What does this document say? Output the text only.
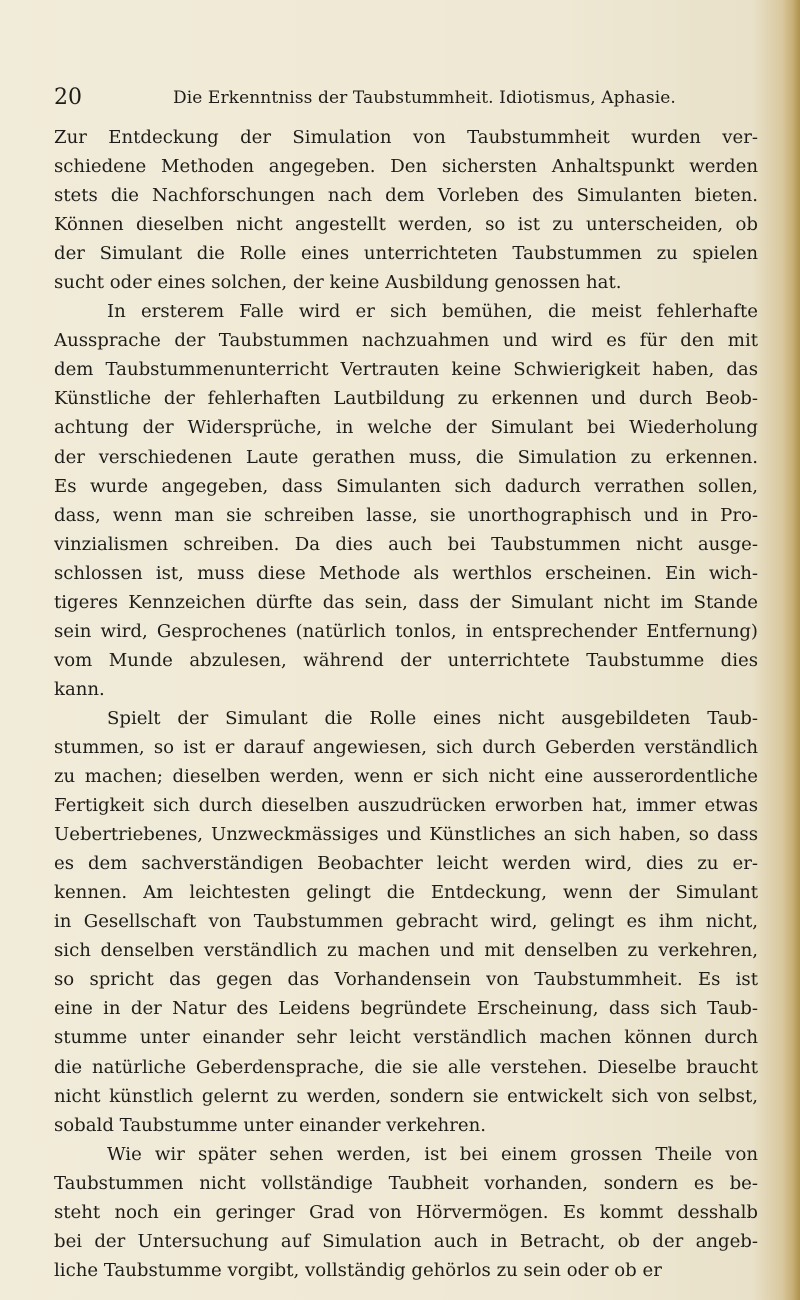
20	Die Erkenntniss der Taubstummheit. Idiotismus, Aphasie.
Zur Entdeckung der Simulation von Taubstummheit wurden ver-
schiedene Methoden angegeben. Den sichersten Anhaltspunkt werden
stets die Nachforschungen nach dem Vorleben des Simulanten bieten.
Können dieselben nicht angestellt werden, so ist zu unterscheiden, ob
der Simulant die Rolle eines unterrichteten Taubstummen zu spielen
sucht oder eines solchen, der keine Ausbildung genossen hat.
In ersterem Falle wird er sich bemühen, die meist fehlerhafte
Aussprache der Taubstummen nachzuahmen und wird es für den mit
dem Taubstummenunterricht Vertrauten keine Schwierigkeit haben, das
Künstliche der fehlerhaften Lautbildung zu erkennen und durch Beob-
achtung der Widersprüche, in welche der Simulant bei Wiederholung
der verschiedenen Laute gerathen muss, die Simulation zu erkennen.
Es wurde angegeben, dass Simulanten sich dadurch verrathen sollen,
dass, wenn man sie schreiben lasse, sie unorthographisch und in Pro-
vinzialismen schreiben. Da dies auch bei Taubstummen nicht ausge-
schlossen ist, muss diese Methode als werthlos erscheinen. Ein wich-
tigeres Kennzeichen dürfte das sein, dass der Simulant nicht im Stande
sein wird, Gesprochenes (natürlich tonlos, in entsprechender Entfernung)
vom Munde abzulesen, während der unterrichtete Taubstumme dies
kann.
Spielt der Simulant die Rolle eines nicht ausgebildeten Taub-
stummen, so ist er darauf angewiesen, sich durch Geberden verständlich
zu machen; dieselben werden, wenn er sich nicht eine ausserordentliche
Fertigkeit sich durch dieselben auszudrücken erworben hat, immer etwas
Uebertriebenes, Unzweckmässiges und Künstliches an sich haben, so dass
es dem sachverständigen Beobachter leicht werden wird, dies zu er-
kennen. Am leichtesten gelingt die Entdeckung, wenn der Simulant
in Gesellschaft von Taubstummen gebracht wird, gelingt es ihm nicht,
sich denselben verständlich zu machen und mit denselben zu verkehren,
so spricht das gegen das Vorhandensein von Taubstummheit. Es ist
eine in der Natur des Leidens begründete Erscheinung, dass sich Taub-
stumme unter einander sehr leicht verständlich machen können durch
die natürliche Geberdensprache, die sie alle verstehen. Dieselbe braucht
nicht künstlich gelernt zu werden, sondern sie entwickelt sich von selbst,
sobald Taubstumme unter einander verkehren.
Wie wir später sehen werden, ist bei einem grossen Theile von
Taubstummen nicht vollständige Taubheit vorhanden, sondern es be-
steht noch ein geringer Grad von Hörvermögen. Es kommt desshalb
bei der Untersuchung auf Simulation auch in Betracht, ob der angeb-
liche Taubstumme vorgibt, vollständig gehörlos zu sein oder ob er
